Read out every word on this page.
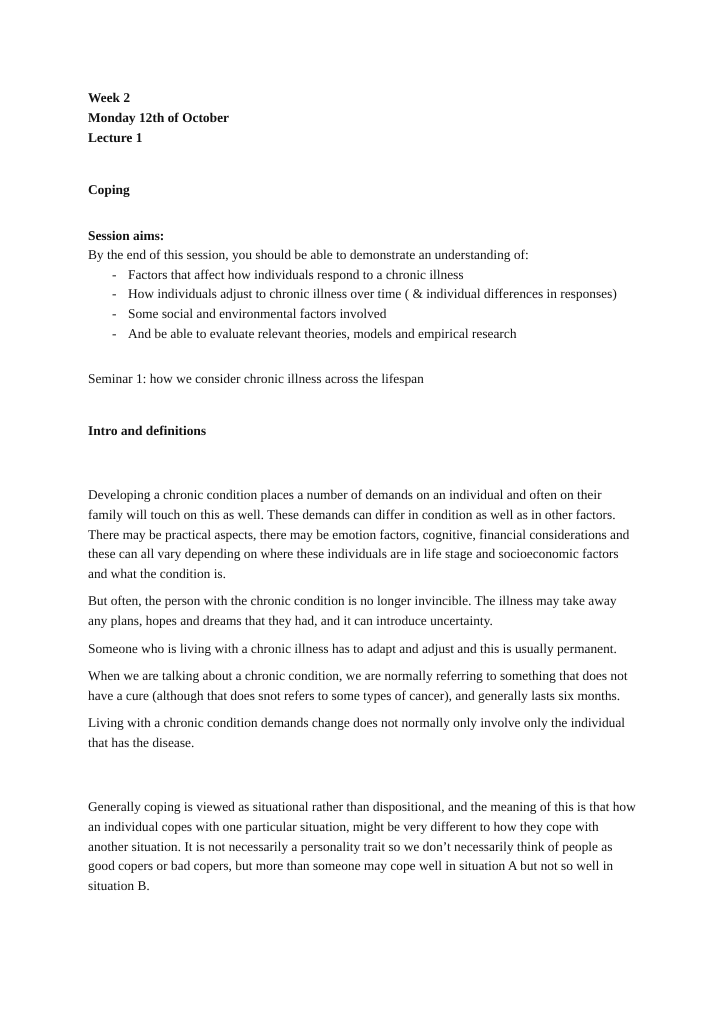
Week 2
Monday 12th of October
Lecture 1
Coping
Session aims:
By the end of this session, you should be able to demonstrate an understanding of:
- Factors that affect how individuals respond to a chronic illness
- How individuals adjust to chronic illness over time ( & individual differences in responses)
- Some social and environmental factors involved
- And be able to evaluate relevant theories, models and empirical research
Seminar 1: how we consider chronic illness across the lifespan
Intro and definitions

Developing a chronic condition places a number of demands on an individual and often on their family will touch on this as well. These demands can differ in condition as well as in other factors. There may be practical aspects, there may be emotion factors, cognitive, financial considerations and these can all vary depending on where these individuals are in life stage and socioeconomic factors and what the condition is.

But often, the person with the chronic condition is no longer invincible. The illness may take away any plans, hopes and dreams that they had, and it can introduce uncertainty.

Someone who is living with a chronic illness has to adapt and adjust and this is usually permanent.

When we are talking about a chronic condition, we are normally referring to something that does not have a cure (although that does snot refers to some types of cancer), and generally lasts six months.

Living with a chronic condition demands change does not normally only involve only the individual that has the disease.

Generally coping is viewed as situational rather than dispositional, and the meaning of this is that how an individual copes with one particular situation, might be very different to how they cope with another situation. It is not necessarily a personality trait so we don’t necessarily think of people as good copers or bad copers, but more than someone may cope well in situation A but not so well in situation B.
